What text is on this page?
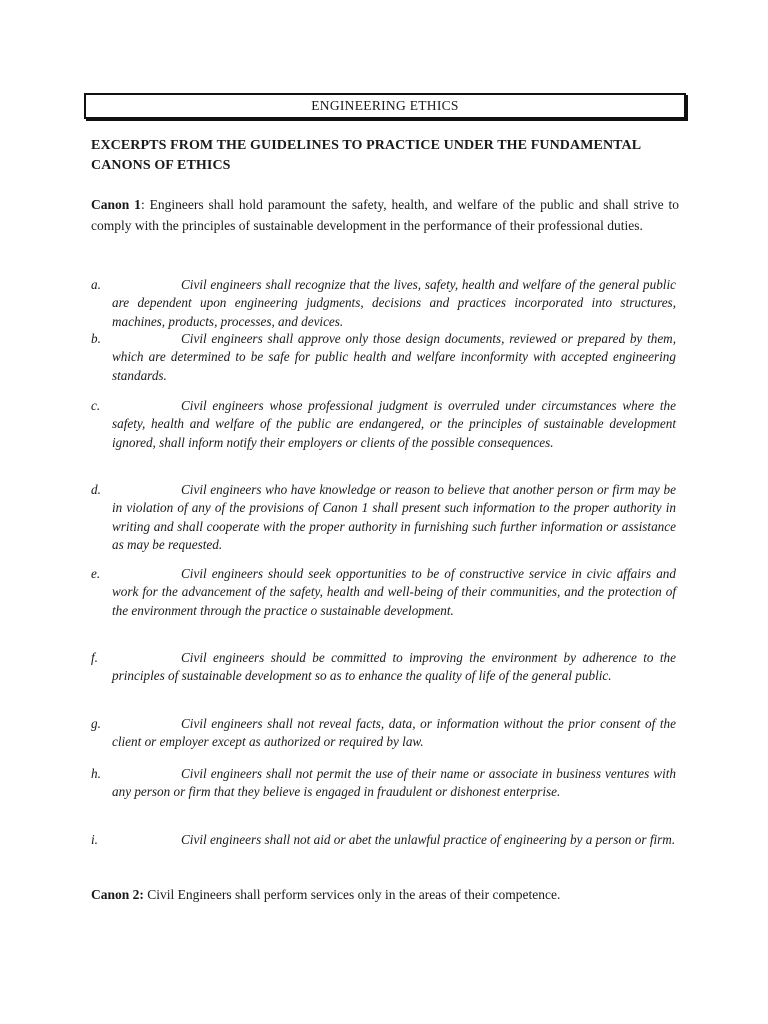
ENGINEERING ETHICS
EXCERPTS FROM THE GUIDELINES TO PRACTICE UNDER THE FUNDAMENTAL CANONS OF ETHICS
Canon 1: Engineers shall hold paramount the safety, health, and welfare of the public and shall strive to comply with the principles of sustainable development in the performance of their professional duties.
a.	Civil engineers shall recognize that the lives, safety, health and welfare of the general public are dependent upon engineering judgments, decisions and practices incorporated into structures, machines, products, processes, and devices.
b.	Civil engineers shall approve only those design documents, reviewed or prepared by them, which are determined to be safe for public health and welfare inconformity with accepted engineering standards.
c.	Civil engineers whose professional judgment is overruled under circumstances where the safety, health and welfare of the public are endangered, or the principles of sustainable development ignored, shall inform notify their employers or clients of the possible consequences.
d.	Civil engineers who have knowledge or reason to believe that another person or firm may be in violation of any of the provisions of Canon 1 shall present such information to the proper authority in writing and shall cooperate with the proper authority in furnishing such further information or assistance as may be requested.
e.	Civil engineers should seek opportunities to be of constructive service in civic affairs and work for the advancement of the safety, health and well-being of their communities, and the protection of the environment through the practice o sustainable development.
f.	Civil engineers should be committed to improving the environment by adherence to the principles of sustainable development so as to enhance the quality of life of the general public.
g.	Civil engineers shall not reveal facts, data, or information without the prior consent of the client or employer except as authorized or required by law.
h.	Civil engineers shall not permit the use of their name or associate in business ventures with any person or firm that they believe is engaged in fraudulent or dishonest enterprise.
i.	Civil engineers shall not aid or abet the unlawful practice of engineering by a person or firm.
Canon 2: Civil Engineers shall perform services only in the areas of their competence.
